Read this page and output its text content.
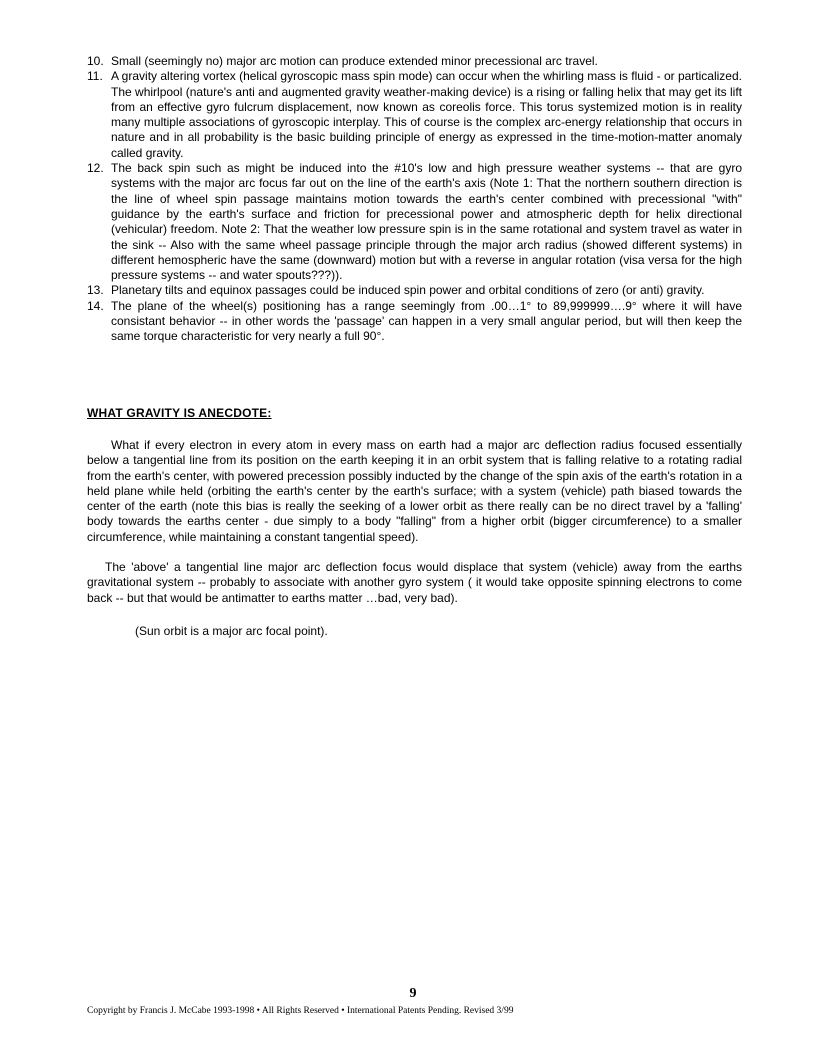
10. Small (seemingly no) major arc motion can produce extended minor precessional arc travel.
11. A gravity altering vortex (helical gyroscopic mass spin mode) can occur when the whirling mass is fluid - or particalized. The whirlpool (nature's anti and augmented gravity weather-making device) is a rising or falling helix that may get its lift from an effective gyro fulcrum displacement, now known as coreolis force. This torus systemized motion is in reality many multiple associations of gyroscopic interplay. This of course is the complex arc-energy relationship that occurs in nature and in all probability is the basic building principle of energy as expressed in the time-motion-matter anomaly called gravity.
12. The back spin such as might be induced into the #10's low and high pressure weather systems -- that are gyro systems with the major arc focus far out on the line of the earth's axis (Note 1: That the northern southern direction is the line of wheel spin passage maintains motion towards the earth's center combined with precessional "with" guidance by the earth's surface and friction for precessional power and atmospheric depth for helix directional (vehicular) freedom. Note 2: That the weather low pressure spin is in the same rotational and system travel as water in the sink -- Also with the same wheel passage principle through the major arch radius (showed different systems) in different hemospheric have the same (downward) motion but with a reverse in angular rotation (visa versa for the high pressure systems -- and water spouts???)).
13. Planetary tilts and equinox passages could be induced spin power and orbital conditions of zero (or anti) gravity.
14. The plane of the wheel(s) positioning has a range seemingly from .00…1° to 89,999999….9° where it will have consistant behavior -- in other words the 'passage' can happen in a very small angular period, but will then keep the same torque characteristic for very nearly a full 90°.
WHAT GRAVITY IS ANECDOTE:

What if every electron in every atom in every mass on earth had a major arc deflection radius focused essentially below a tangential line from its position on the earth keeping it in an orbit system that is falling relative to a rotating radial from the earth's center, with powered precession possibly inducted by the change of the spin axis of the earth's rotation in a held plane while held (orbiting the earth's center by the earth's surface; with a system (vehicle) path biased towards the center of the earth (note this bias is really the seeking of a lower orbit as there really can be no direct travel by a 'falling' body towards the earths center - due simply to a body "falling" from a higher orbit (bigger circumference) to a smaller circumference, while maintaining a constant tangential speed).

The 'above' a tangential line major arc deflection focus would displace that system (vehicle) away from the earths gravitational system -- probably to associate with another gyro system ( it would take opposite spinning electrons to come back -- but that would be antimatter to earths matter …bad, very bad).

(Sun orbit is a major arc focal point).

9
Copyright by Francis J. McCabe 1993-1998 • All Rights Reserved • International Patents Pending. Revised 3/99
